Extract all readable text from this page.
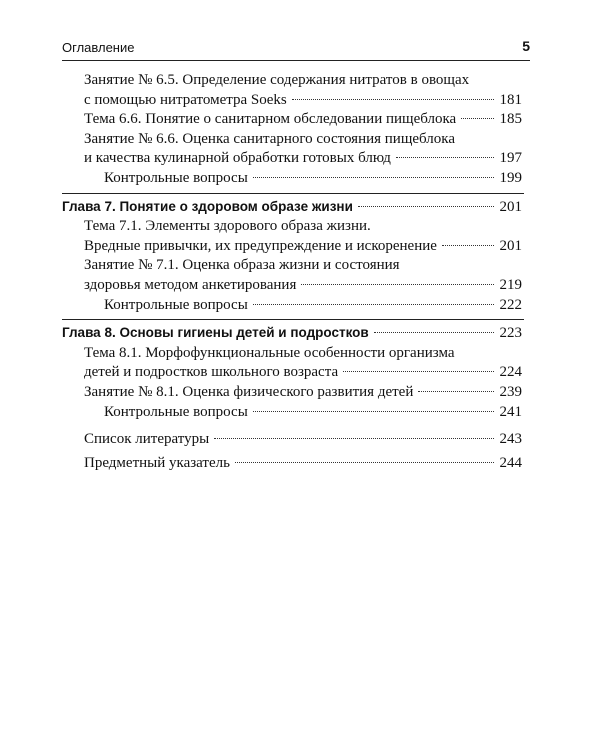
Оглавление	5
Занятие № 6.5. Определение содержания нитратов в овощах
с помощью нитратометра Soeks	181
Тема 6.6. Понятие о санитарном обследовании пищеблока	185
Занятие № 6.6. Оценка санитарного состояния пищеблока
и качества кулинарной обработки готовых блюд	197
Контрольные вопросы	199
Глава 7. Понятие о здоровом образе жизни	201
Тема 7.1. Элементы здорового образа жизни.
Вредные привычки, их предупреждение и искоренение	201
Занятие № 7.1. Оценка образа жизни и состояния
здоровья методом анкетирования	219
Контрольные вопросы	222
Глава 8. Основы гигиены детей и подростков	223
Тема 8.1. Морфофункциональные особенности организма
детей и подростков школьного возраста	224
Занятие № 8.1. Оценка физического развития детей	239
Контрольные вопросы	241
Список литературы	243
Предметный указатель	244
